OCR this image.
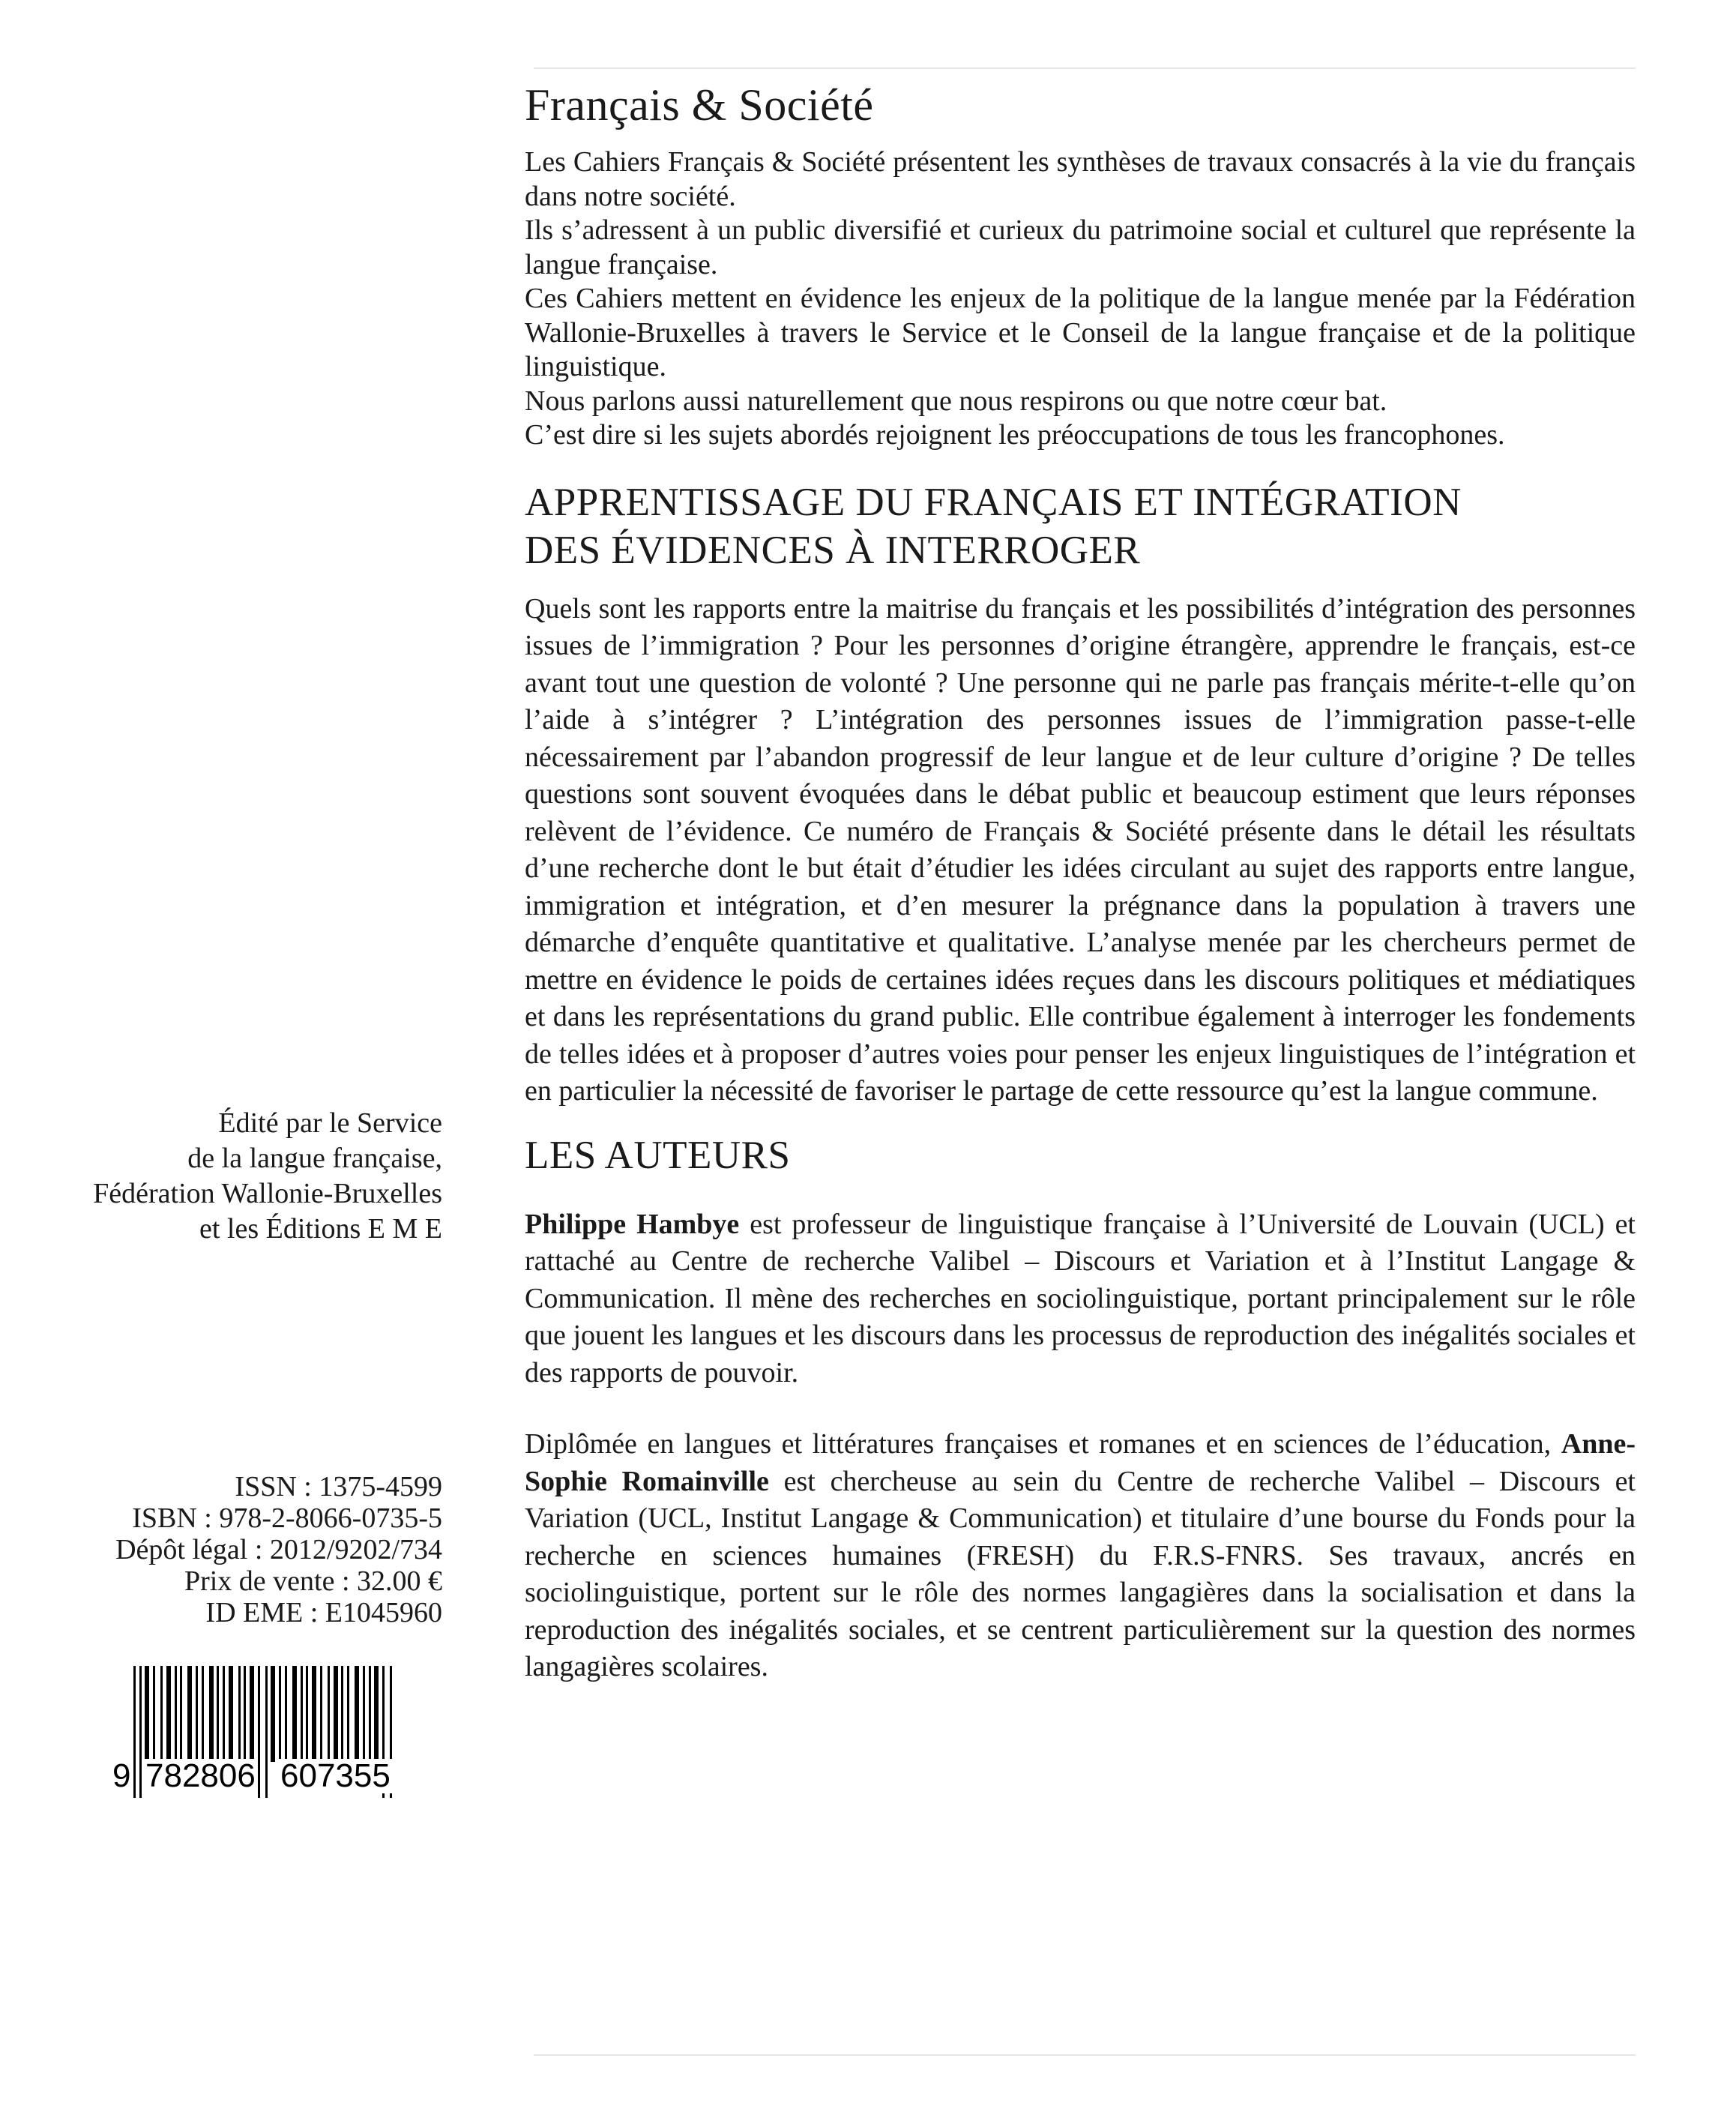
Français & Société

Les Cahiers Français & Société présentent les synthèses de travaux consacrés à la vie du français dans notre société.

Ils s’adressent à un public diversifié et curieux du patrimoine social et culturel que représente la langue française.

Ces Cahiers mettent en évidence les enjeux de la politique de la langue menée par la Fédération Wallonie-Bruxelles à travers le Service et le Conseil de la langue française et de la politique linguistique.

Nous parlons aussi naturellement que nous respirons ou que notre cœur bat.

C’est dire si les sujets abordés rejoignent les préoccupations de tous les francophones.

APPRENTISSAGE DU FRANÇAIS ET INTÉGRATION
DES ÉVIDENCES À INTERROGER

Quels sont les rapports entre la maitrise du français et les possibilités d’intégration des personnes issues de l’immigration ? Pour les personnes d’origine étrangère, apprendre le français, est-ce avant tout une question de volonté ? Une personne qui ne parle pas français mérite-t-elle qu’on l’aide à s’intégrer ? L’intégration des personnes issues de l’immigration passe-t-elle nécessairement par l’abandon progressif de leur langue et de leur culture d’origine ? De telles questions sont souvent évoquées dans le débat public et beaucoup estiment que leurs réponses relèvent de l’évidence. Ce numéro de Français & Société présente dans le détail les résultats d’une recherche dont le but était d’étudier les idées circulant au sujet des rapports entre langue, immigration et intégration, et d’en mesurer la prégnance dans la population à travers une démarche d’enquête quantitative et qualitative. L’analyse menée par les chercheurs permet de mettre en évidence le poids de certaines idées reçues dans les discours politiques et médiatiques et dans les représentations du grand public. Elle contribue également à interroger les fondements de telles idées et à proposer d’autres voies pour penser les enjeux linguistiques de l’intégration et en particulier la nécessité de favoriser le partage de cette ressource qu’est la langue commune.

LES AUTEURS

Philippe Hambye est professeur de linguistique française à l’Université de Louvain (UCL) et rattaché au Centre de recherche Valibel – Discours et Variation et à l’Institut Langage & Communication. Il mène des recherches en sociolinguistique, portant principalement sur le rôle que jouent les langues et les discours dans les processus de reproduction des inégalités sociales et des rapports de pouvoir.

Diplômée en langues et littératures françaises et romanes et en sciences de l’éducation, Anne-Sophie Romainville est chercheuse au sein du Centre de recherche Valibel – Discours et Variation (UCL, Institut Langage & Communication) et titulaire d’une bourse du Fonds pour la recherche en sciences humaines (FRESH) du F.R.S-FNRS. Ses travaux, ancrés en sociolinguistique, portent sur le rôle des normes langagières dans la socialisation et dans la reproduction des inégalités sociales, et se centrent particulièrement sur la question des normes langagières scolaires.

Édité par le Service
de la langue française,
Fédération Wallonie-Bruxelles
et les Éditions E M E
ISSN : 1375-4599
ISBN : 978-2-8066-0735-5
Dépôt légal : 2012/9202/734
Prix de vente : 32.00 €
ID EME : E1045960
9 782806 607355
